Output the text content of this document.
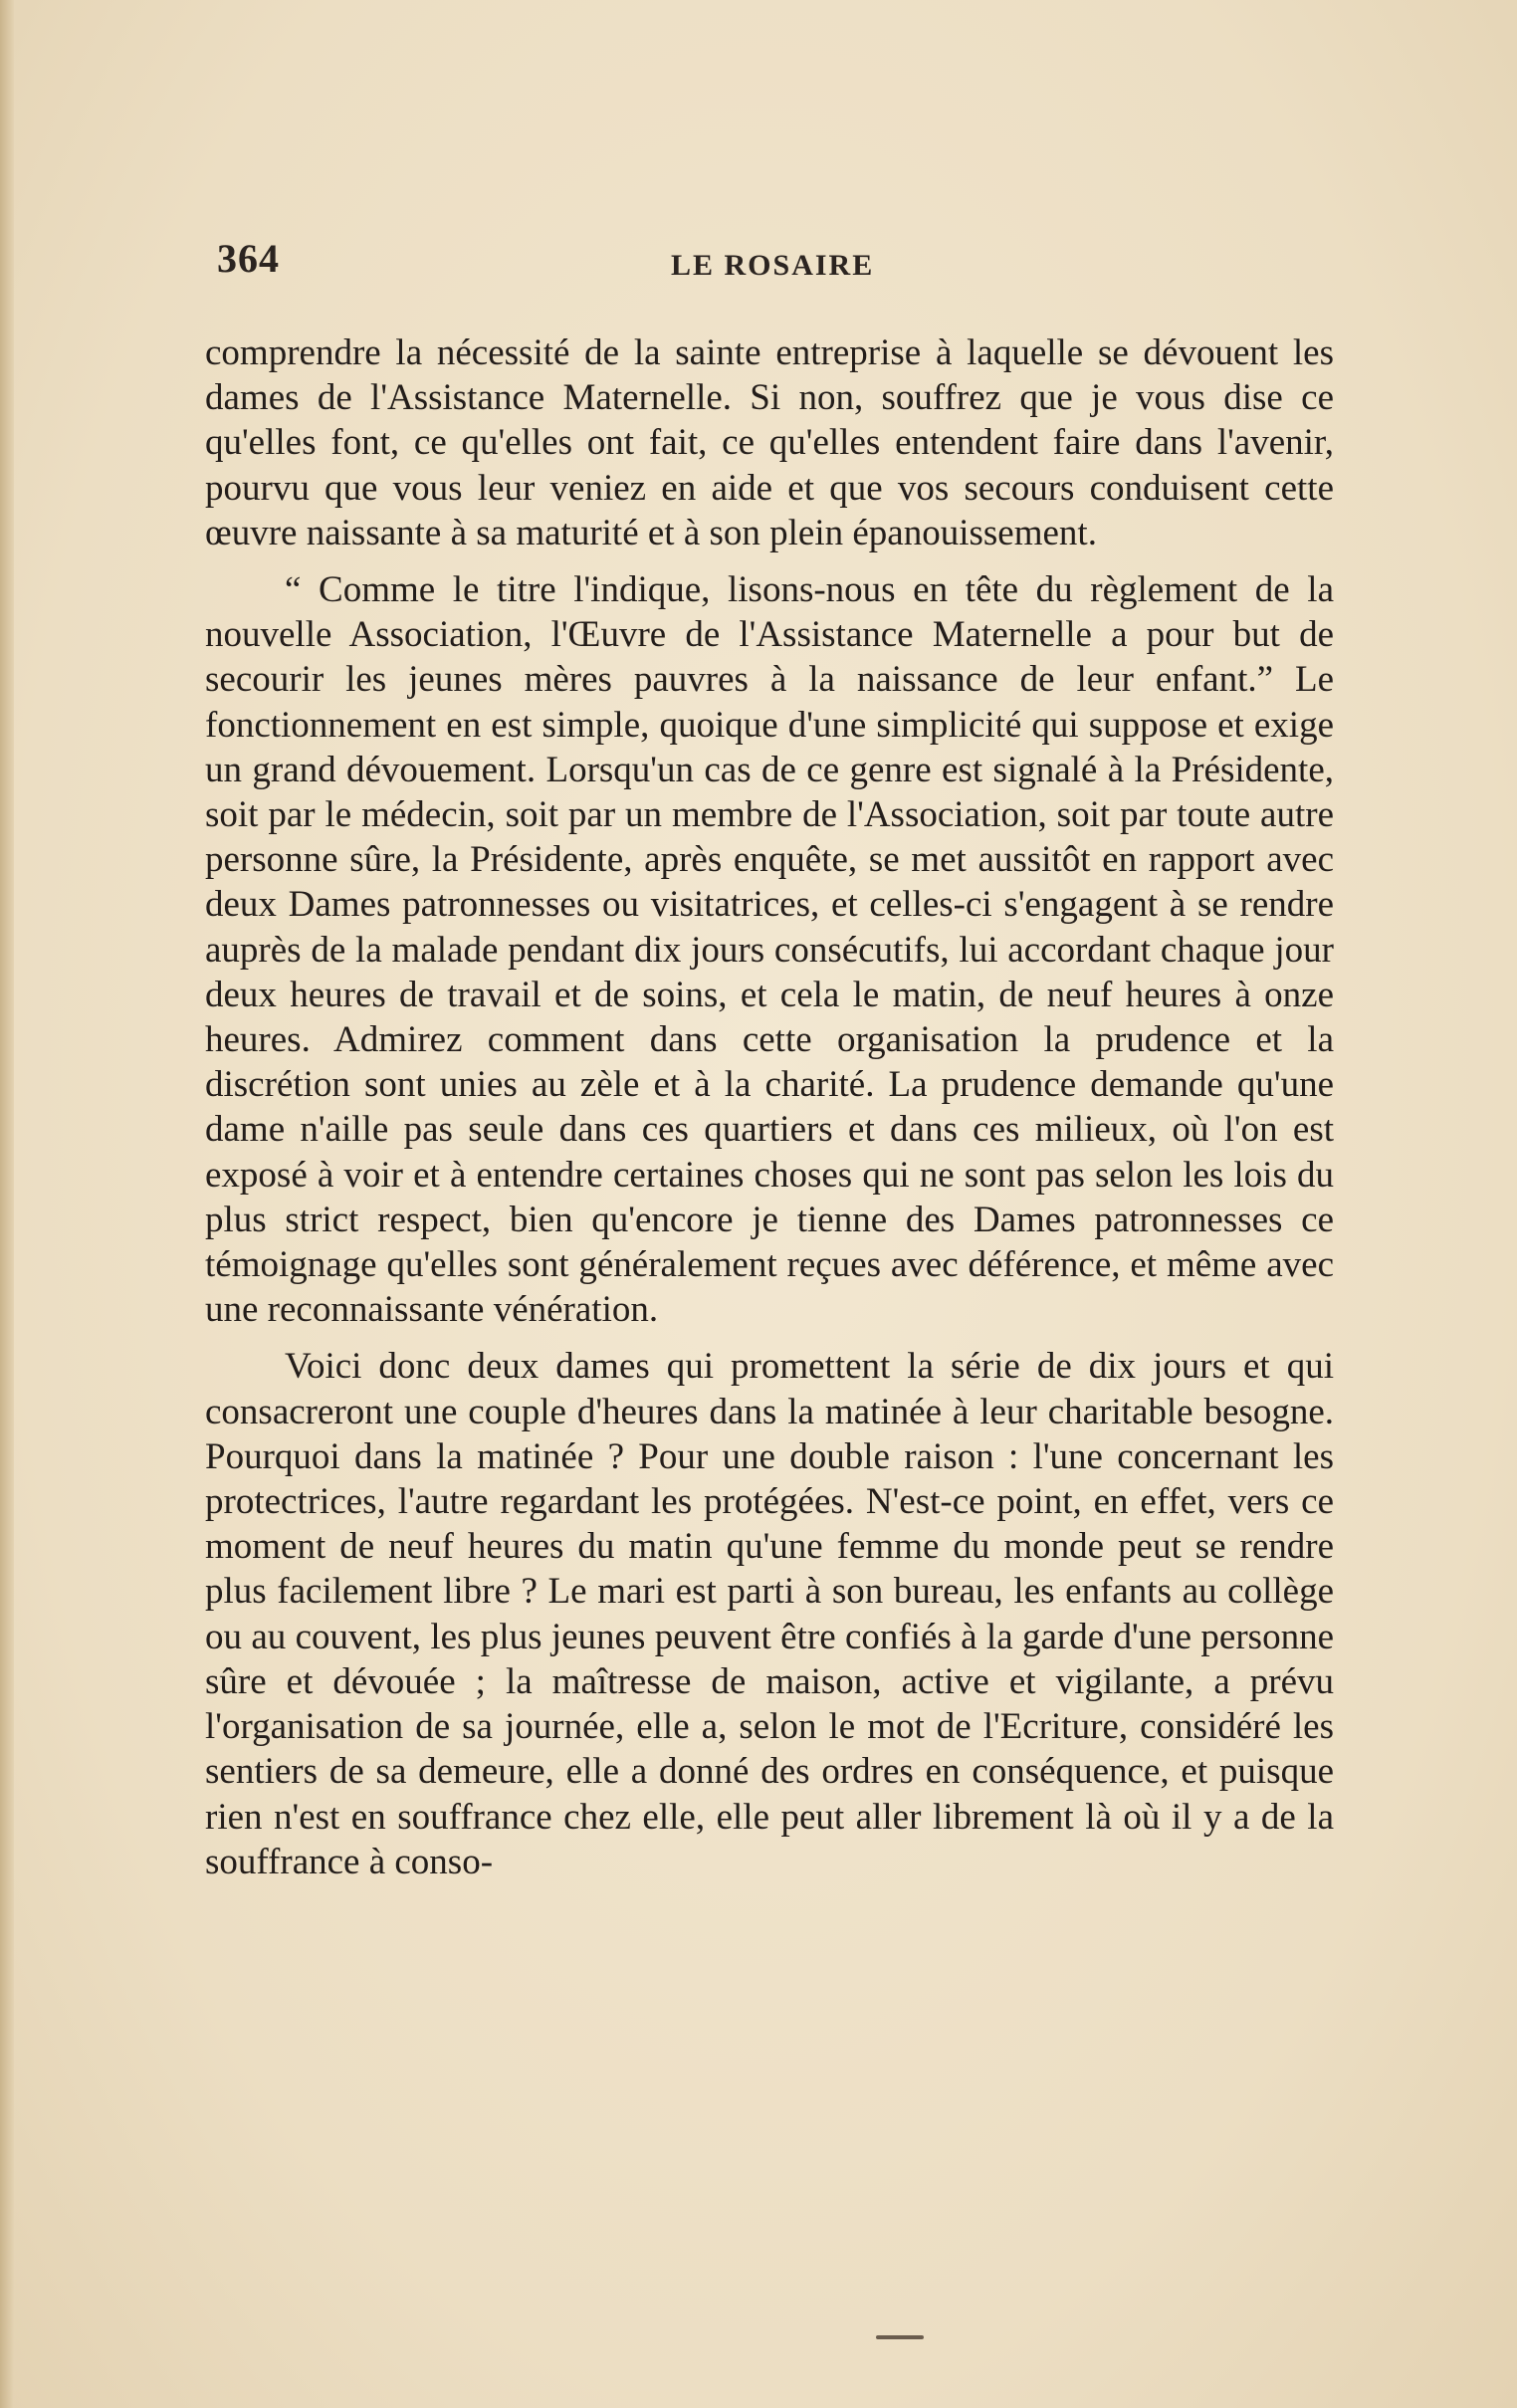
364	LE ROSAIRE

comprendre la nécessité de la sainte entreprise à laquelle se dévouent les dames de l'Assistance Maternelle. Si non, souffrez que je vous dise ce qu'elles font, ce qu'elles ont fait, ce qu'elles entendent faire dans l'avenir, pourvu que vous leur veniez en aide et que vos secours conduisent cette œuvre naissante à sa maturité et à son plein épanouissement.

“ Comme le titre l'indique, lisons-nous en tête du règlement de la nouvelle Association, l'Œuvre de l'Assistance Maternelle a pour but de secourir les jeunes mères pauvres à la naissance de leur enfant.” Le fonctionnement en est simple, quoique d'une simplicité qui suppose et exige un grand dévouement. Lorsqu'un cas de ce genre est signalé à la Présidente, soit par le médecin, soit par un membre de l'Association, soit par toute autre personne sûre, la Présidente, après enquête, se met aussitôt en rapport avec deux Dames patronnesses ou visitatrices, et celles-ci s'engagent à se rendre auprès de la malade pendant dix jours consécutifs, lui accordant chaque jour deux heures de travail et de soins, et cela le matin, de neuf heures à onze heures. Admirez comment dans cette organisation la prudence et la discrétion sont unies au zèle et à la charité. La prudence demande qu'une dame n'aille pas seule dans ces quartiers et dans ces milieux, où l'on est exposé à voir et à entendre certaines choses qui ne sont pas selon les lois du plus strict respect, bien qu'encore je tienne des Dames patronnesses ce témoignage qu'elles sont généralement reçues avec déférence, et même avec une reconnaissante vénération.

Voici donc deux dames qui promettent la série de dix jours et qui consacreront une couple d'heures dans la matinée à leur charitable besogne. Pourquoi dans la matinée ? Pour une double raison : l'une concernant les protectrices, l'autre regardant les protégées. N'est-ce point, en effet, vers ce moment de neuf heures du matin qu'une femme du monde peut se rendre plus facilement libre ? Le mari est parti à son bureau, les enfants au collège ou au couvent, les plus jeunes peuvent être confiés à la garde d'une personne sûre et dévouée ; la maîtresse de maison, active et vigilante, a prévu l'organisation de sa journée, elle a, selon le mot de l'Ecriture, considéré les sentiers de sa demeure, elle a donné des ordres en conséquence, et puisque rien n'est en souffrance chez elle, elle peut aller librement là où il y a de la souffrance à conso-
